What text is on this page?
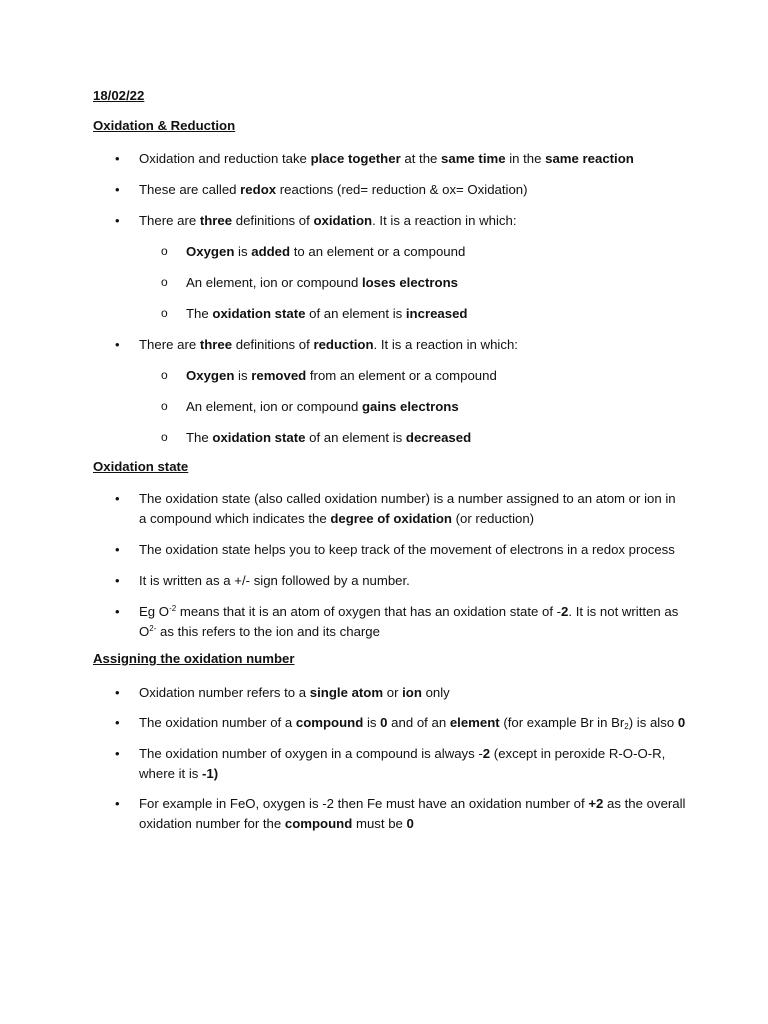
18/02/22
Oxidation & Reduction
• Oxidation and reduction take place together at the same time in the same reaction
• These are called redox reactions (red= reduction & ox= Oxidation)
• There are three definitions of oxidation. It is a reaction in which:
o Oxygen is added to an element or a compound
o An element, ion or compound loses electrons
o The oxidation state of an element is increased
• There are three definitions of reduction. It is a reaction in which:
o Oxygen is removed from an element or a compound
o An element, ion or compound gains electrons
o The oxidation state of an element is decreased
Oxidation state
• The oxidation state (also called oxidation number) is a number assigned to an atom or ion in
a compound which indicates the degree of oxidation (or reduction)
• The oxidation state helps you to keep track of the movement of electrons in a redox process
• It is written as a +/- sign followed by a number.
• Eg $O^{-2}$ means that it is an atom of oxygen that has an oxidation state of -2. It is not written as
$O^{2-}$ as this refers to the ion and its charge
Assigning the oxidation number
• Oxidation number refers to a single atom or ion only
• The oxidation number of a compound is 0 and of an element (for example Br in $Br_2$) is also 0
• The oxidation number of oxygen in a compound is always -2 (except in peroxide R-O-O-R,
where it is -1)
• For example in FeO, oxygen is -2 then Fe must have an oxidation number of +2 as the overall
oxidation number for the compound must be 0
